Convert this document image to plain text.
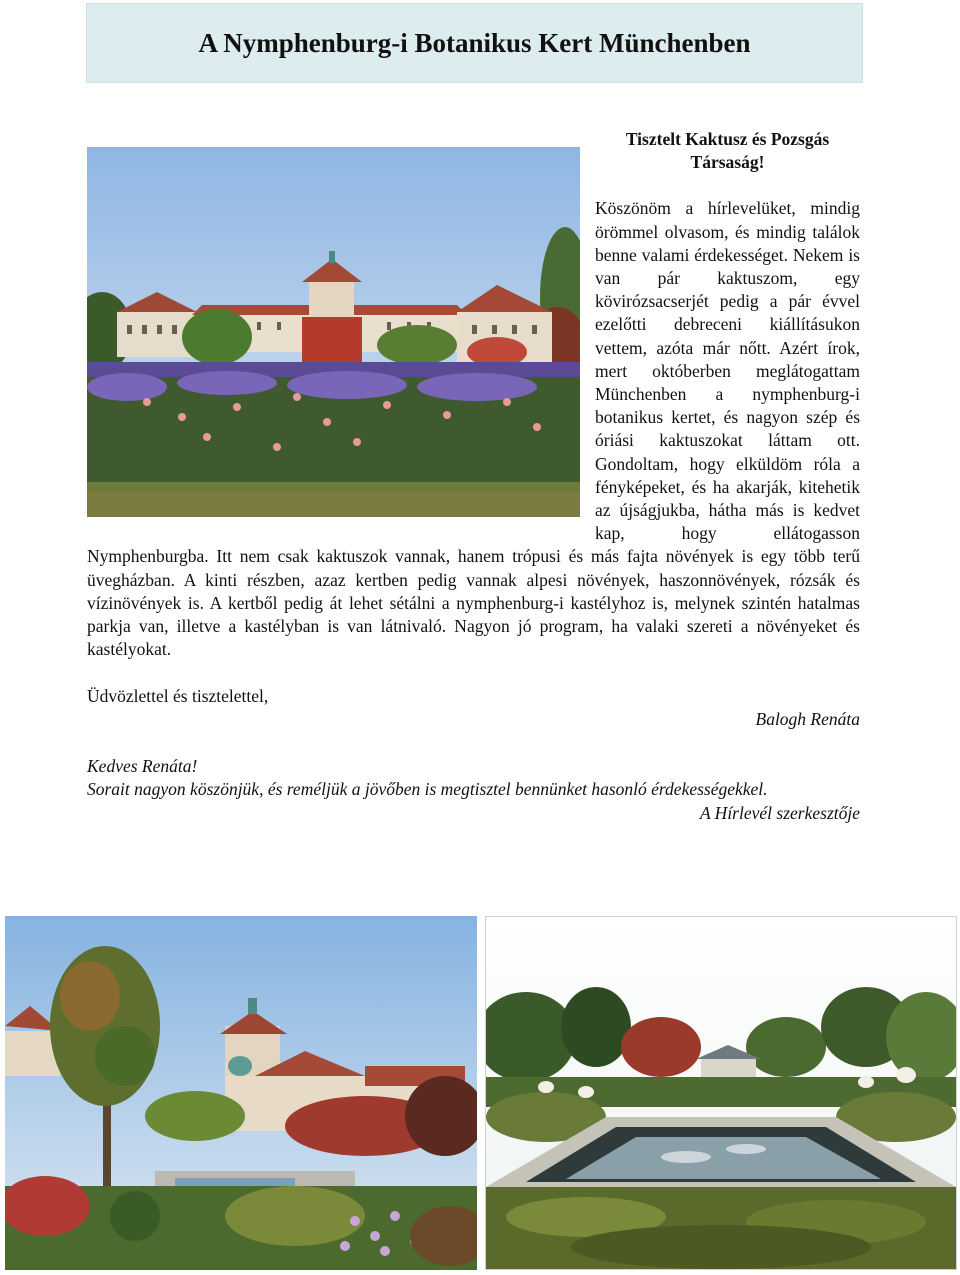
A Nymphenburg-i Botanikus Kert Münchenben
Tisztelt Kaktusz és Pozsgás Társaság!

Köszönöm a hírlevelüket, mindig örömmel olvasom, és mindig találok benne valami érdekességet. Nekem is van pár kaktuszom, egy kövirózsacserjét pedig a pár évvel ezelőtti debreceni kiállításukon vettem, azóta már nőtt. Azért írok, mert októberben meglátogattam Münchenben a nymphenburg-i botanikus kertet, és nagyon szép és óriási kaktuszokat láttam ott. Gondoltam, hogy elküldöm róla a fényképeket, és ha akarják, kitehetik az újságjukba, hátha más is kedvet kap, hogy ellátogasson Nymphenburgba. Itt nem csak kaktuszok vannak, hanem trópusi és más fajta növények is egy több terű üvegházban. A kinti részben, azaz kertben pedig vannak alpesi növények, haszonnövények, rózsák és vízinövények is. A kertből pedig át lehet sétálni a nymphenburg-i kastélyhoz is, melynek szintén hatalmas parkja van, illetve a kastélyban is van látnivaló. Nagyon jó program, ha valaki szereti a növényeket és kastélyokat.

Üdvözlettel és tisztelettel,
Balogh Renáta

Kedves Renáta!

Sorait nagyon köszönjük, és reméljük a jövőben is megtisztel bennünket hasonló érdekességekkel.

A Hírlevél szerkesztője
